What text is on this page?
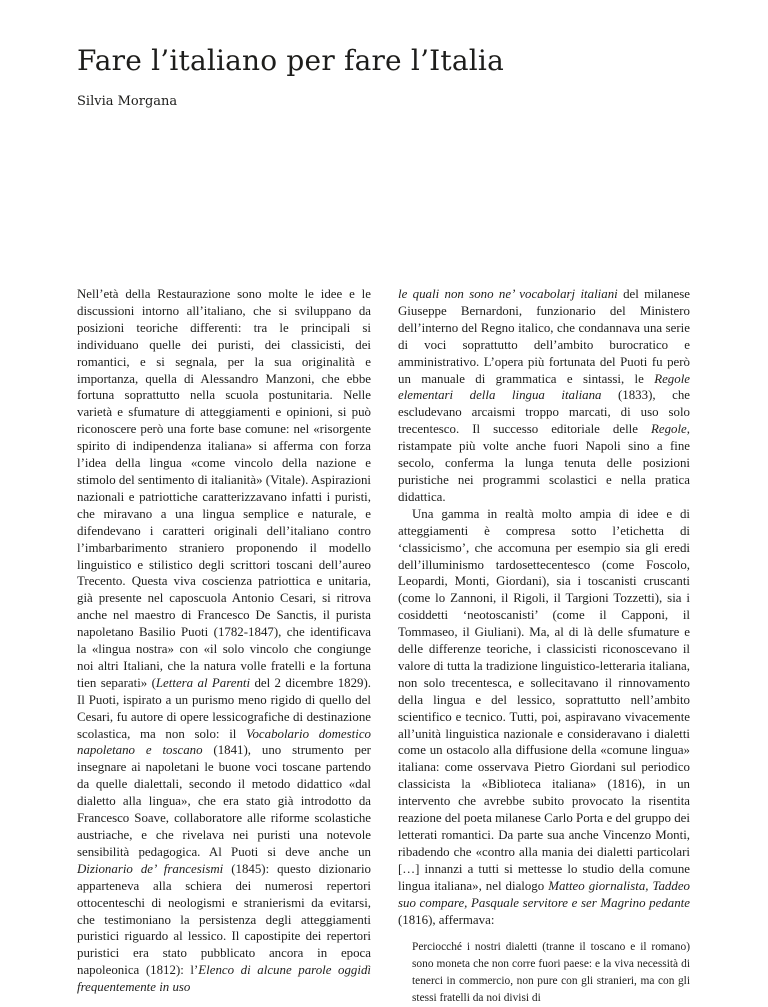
Fare l’italiano per fare l’Italia
Silvia Morgana

Nell’età della Restaurazione sono molte le idee e le discussioni intorno all’italiano, che si sviluppano da posizioni teoriche differenti: tra le principali si individuano quelle dei puristi, dei classicisti, dei romantici, e si segnala, per la sua originalità e importanza, quella di Alessandro Manzoni, che ebbe fortuna soprattutto nella scuola postunitaria. Nelle varietà e sfumature di atteggiamenti e opinioni, si può riconoscere però una forte base comune: nel «risorgente spirito di indipendenza italiana» si afferma con forza l’idea della lingua «come vincolo della nazione e stimolo del sentimento di italianità» (Vitale). Aspirazioni nazionali e patriottiche caratterizzavano infatti i puristi, che miravano a una lingua semplice e naturale, e difendevano i caratteri originali dell’italiano contro l’imbarbarimento straniero proponendo il modello linguistico e stilistico degli scrittori toscani dell’aureo Trecento. Questa viva coscienza patriottica e unitaria, già presente nel caposcuola Antonio Cesari, si ritrova anche nel maestro di Francesco De Sanctis, il purista napoletano Basilio Puoti (1782-1847), che identificava la «lingua nostra» con «il solo vincolo che congiunge noi altri Italiani, che la natura volle fratelli e la fortuna tien separati» (Lettera al Parenti del 2 dicembre 1829). Il Puoti, ispirato a un purismo meno rigido di quello del Cesari, fu autore di opere lessicografiche di destinazione scolastica, ma non solo: il Vocabolario domestico napoletano e toscano (1841), uno strumento per insegnare ai napoletani le buone voci toscane partendo da quelle dialettali, secondo il metodo didattico «dal dialetto alla lingua», che era stato già introdotto da Francesco Soave, collaboratore alle riforme scolastiche austriache, e che rivelava nei puristi una notevole sensibilità pedagogica. Al Puoti si deve anche un Dizionario de’ francesismi (1845): questo dizionario apparteneva alla schiera dei numerosi repertori ottocenteschi di neologismi e stranierismi da evitarsi, che testimoniano la persistenza degli atteggiamenti puristici riguardo al lessico. Il capostipite dei repertori puristici era stato pubblicato ancora in epoca napoleonica (1812): l’Elenco di alcune parole oggidì frequentemente in uso

le quali non sono ne’ vocabolarj italiani del milanese Giuseppe Bernardoni, funzionario del Ministero dell’interno del Regno italico, che condannava una serie di voci soprattutto dell’ambito burocratico e amministrativo. L’opera più fortunata del Puoti fu però un manuale di grammatica e sintassi, le Regole elementari della lingua italiana (1833), che escludevano arcaismi troppo marcati, di uso solo trecentesco. Il successo editoriale delle Regole, ristampate più volte anche fuori Napoli sino a fine secolo, conferma la lunga tenuta delle posizioni puristiche nei programmi scolastici e nella pratica didattica.

Una gamma in realtà molto ampia di idee e di atteggiamenti è compresa sotto l’etichetta di ‘classicismo’, che accomuna per esempio sia gli eredi dell’illuminismo tardosettecentesco (come Foscolo, Leopardi, Monti, Giordani), sia i toscanisti cruscanti (come lo Zannoni, il Rigoli, il Targioni Tozzetti), sia i cosiddetti ‘neotoscanisti’ (come il Capponi, il Tommaseo, il Giuliani). Ma, al di là delle sfumature e delle differenze teoriche, i classicisti riconoscevano il valore di tutta la tradizione linguistico-letteraria italiana, non solo trecentesca, e sollecitavano il rinnovamento della lingua e del lessico, soprattutto nell’ambito scientifico e tecnico. Tutti, poi, aspiravano vivacemente all’unità linguistica nazionale e consideravano i dialetti come un ostacolo alla diffusione della «comune lingua» italiana: come osservava Pietro Giordani sul periodico classicista la «Biblioteca italiana» (1816), in un intervento che avrebbe subito provocato la risentita reazione del poeta milanese Carlo Porta e del gruppo dei letterati romantici. Da parte sua anche Vincenzo Monti, ribadendo che «contro alla mania dei dialetti particolari […] innanzi a tutti si mettesse lo studio della comune lingua italiana», nel dialogo Matteo giornalista, Taddeo suo compare, Pasquale servitore e ser Magrino pedante (1816), affermava:

Perciocché i nostri dialetti (tranne il toscano e il romano) sono moneta che non corre fuori paese: e la viva necessità di tenerci in commercio, non pure con gli stranieri, ma con gli stessi fratelli da noi divisi di
